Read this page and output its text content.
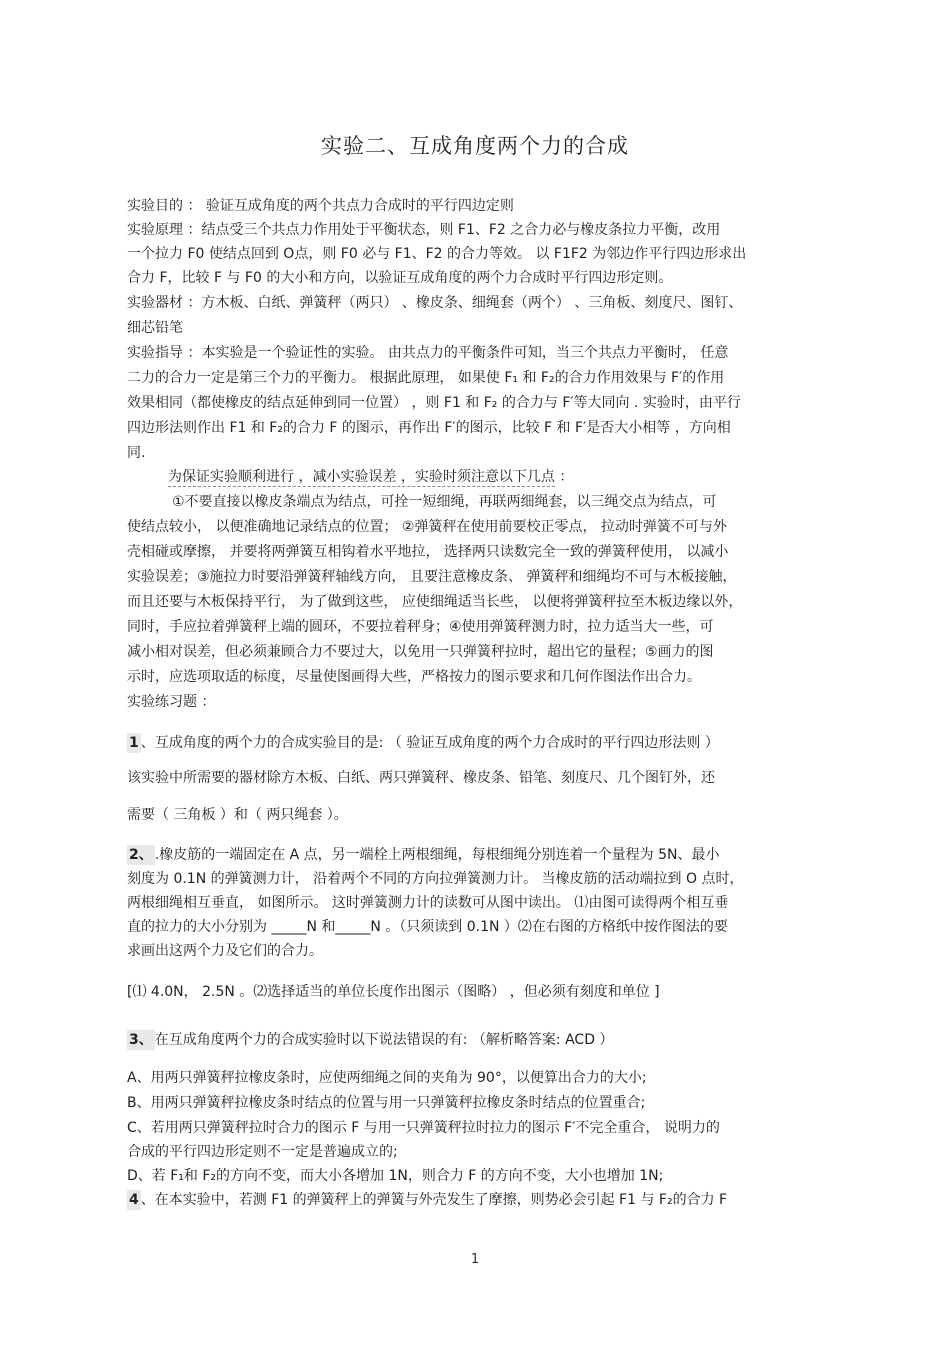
实验二、互成角度两个力的合成
实验目的 ： 验证互成角度的两个共点力合成时的平行四边定则
实验原理 ：结点受三个共点力作用处于平衡状态，则 F1、F2 之合力必与橡皮条拉力平衡，改用
一个拉力 F0 使结点回到 O点，则 F0 必与 F1、F2 的合力等效。 以 F1F2 为邻边作平行四边形求出
合力 F，比较 F 与 F0 的大小和方向，以验证互成角度的两个力合成时平行四边形定则。
实验器材 ：方木板、白纸、弹簧秤（两只） 、橡皮条、细绳套（两个） 、三角板、刻度尺、图钉、
细芯铅笔
实验指导 ：本实验是一个验证性的实验。 由共点力的平衡条件可知，当三个共点力平衡时， 任意
二力的合力一定是第三个力的平衡力。 根据此原理， 如果使 F₁ 和 F₂的合力作用效果与 F′的作用
效果相同（都使橡皮的结点延伸到同一位置） ，则 F1 和 F₂ 的合力与 F′等大同向 . 实验时，由平行
四边形法则作出 F1 和 F₂的合力 F 的图示，再作出 F′的图示，比较 F 和 F′是否大小相等 ，方向相
同.
为保证实验顺利进行 ，减小实验误差 ，实验时须注意以下几点 ：
①不要直接以橡皮条端点为结点，可拴一短细绳，再联两细绳套，以三绳交点为结点，可
使结点较小， 以便准确地记录结点的位置； ②弹簧秤在使用前要校正零点， 拉动时弹簧不可与外
壳相碰或摩擦， 并要将两弹簧互相钩着水平地拉， 选择两只读数完全一致的弹簧秤使用， 以减小
实验误差；③施拉力时要沿弹簧秤轴线方向， 且要注意橡皮条、 弹簧秤和细绳均不可与木板接触，
而且还要与木板保持平行， 为了做到这些， 应使细绳适当长些， 以便将弹簧秤拉至木板边缘以外，
同时，手应拉着弹簧秤上端的圆环，不要拉着秤身；④使用弹簧秤测力时，拉力适当大一些，可
减小相对误差，但必须兼顾合力不要过大，以免用一只弹簧秤拉时，超出它的量程；⑤画力的图
示时，应选项取适的标度，尽量使图画得大些，严格按力的图示要求和几何作图法作出合力。
实验练习题 ：
1 、互成角度的两个力的合成实验目的是: （ 验证互成角度的两个力合成时的平行四边形法则 ）
该实验中所需要的器材除方木板、白纸、两只弹簧秤、橡皮条、铅笔、刻度尺、几个图钉外，还
需要（ 三角板 ）和（ 两只绳套 ）。
2、 .橡皮筋的一端固定在 A 点，另一端栓上两根细绳，每根细绳分别连着一个量程为 5N、最小
刻度为 0.1N 的弹簧测力计， 沿着两个不同的方向拉弹簧测力计。 当橡皮筋的活动端拉到 O 点时，
两根细绳相互垂直， 如图所示。 这时弹簧测力计的读数可从图中读出。 ⑴由图可读得两个相互垂
直的拉力的大小分别为 _____N 和_____N 。（只须读到 0.1N ）⑵在右图的方格纸中按作图法的要
求画出这两个力及它们的合力。
[⑴ 4.0N， 2.5N 。⑵选择适当的单位长度作出图示（图略） ，但必须有刻度和单位 ]
3、 在互成角度两个力的合成实验时以下说法错误的有: （解析略答案: ACD ）
A、用两只弹簧秤拉橡皮条时，应使两细绳之间的夹角为 90°，以便算出合力的大小;
B、用两只弹簧秤拉橡皮条时结点的位置与用一只弹簧秤拉橡皮条时结点的位置重合;
C、若用两只弹簧秤拉时合力的图示 F 与用一只弹簧秤拉时拉力的图示 F′不完全重合， 说明力的
合成的平行四边形定则不一定是普遍成立的;
D、若 F₁和 F₂的方向不变，而大小各增加 1N，则合力 F 的方向不变，大小也增加 1N;
4 、在本实验中，若测 F1 的弹簧秤上的弹簧与外壳发生了摩擦，则势必会引起 F1 与 F₂的合力 F
1
